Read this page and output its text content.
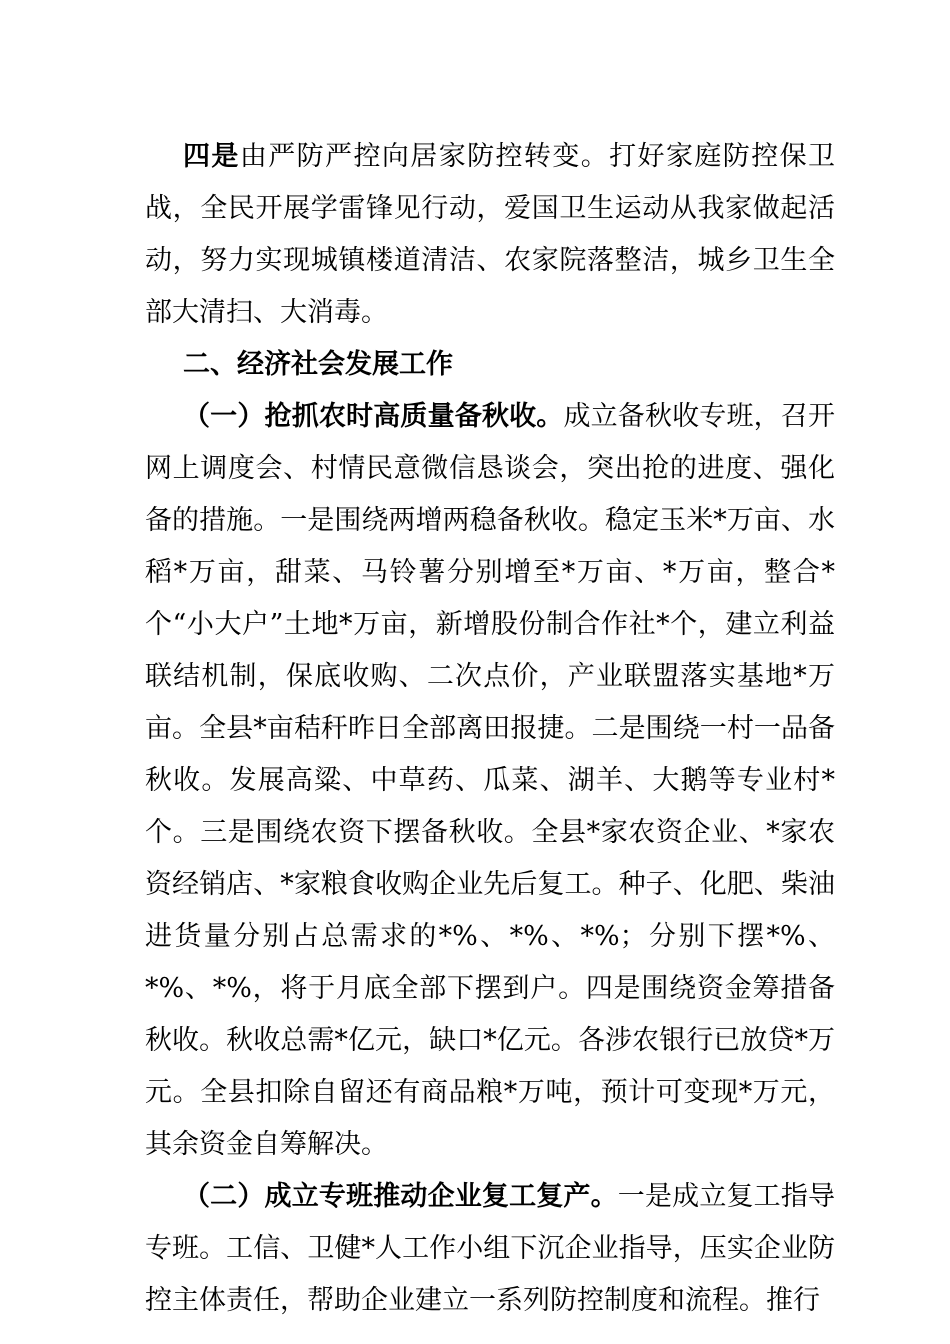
四是由严防严控向居家防控转变。打好家庭防控保卫战，全民开展学雷锋见行动，爱国卫生运动从我家做起活动，努力实现城镇楼道清洁、农家院落整洁，城乡卫生全部大清扫、大消毒。

二、经济社会发展工作

（一）抢抓农时高质量备秋收。成立备秋收专班，召开网上调度会、村情民意微信恳谈会，突出抢的进度、强化备的措施。一是围绕两增两稳备秋收。稳定玉米*万亩、水稻*万亩，甜菜、马铃薯分别增至*万亩、*万亩，整合*个“小大户”土地*万亩，新增股份制合作社*个，建立利益联结机制，保底收购、二次点价，产业联盟落实基地*万亩。全县*亩秸秆昨日全部离田报捷。二是围绕一村一品备秋收。发展高粱、中草药、瓜菜、湖羊、大鹅等专业村*个。三是围绕农资下摆备秋收。全县*家农资企业、*家农资经销店、*家粮食收购企业先后复工。种子、化肥、柴油进货量分别占总需求的*%、*%、*%；分别下摆*%、*%、*%，将于月底全部下摆到户。四是围绕资金筹措备秋收。秋收总需*亿元，缺口*亿元。各涉农银行已放贷*万元。全县扣除自留还有商品粮*万吨，预计可变现*万元，其余资金自筹解决。

（二）成立专班推动企业复工复产。一是成立复工指导专班。工信、卫健*人工作小组下沉企业指导，压实企业防控主体责任，帮助企业建立一系列防控制度和流程。推行
